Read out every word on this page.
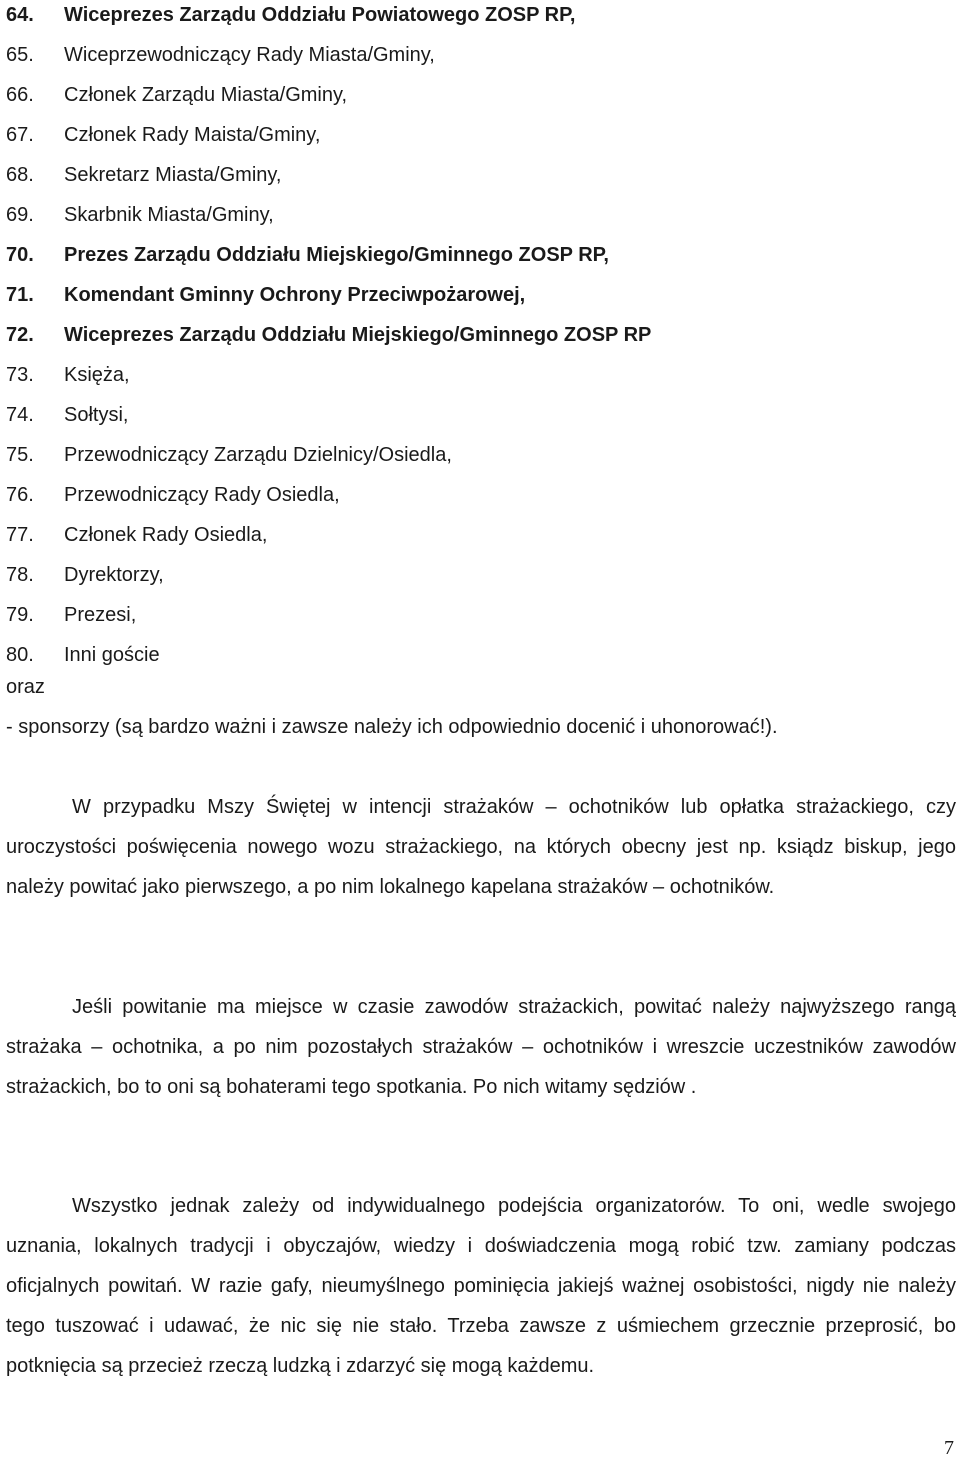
64.	Wiceprezes Zarządu Oddziału Powiatowego ZOSP RP,
65.	Wiceprzewodniczący Rady Miasta/Gminy,
66.	Członek Zarządu Miasta/Gminy,
67.	Członek Rady Maista/Gminy,
68.	Sekretarz Miasta/Gminy,
69.	Skarbnik Miasta/Gminy,
70.	Prezes Zarządu Oddziału Miejskiego/Gminnego ZOSP RP,
71.	Komendant Gminny Ochrony Przeciwpożarowej,
72.	Wiceprezes Zarządu Oddziału Miejskiego/Gminnego ZOSP RP
73.	Księża,
74.	Sołtysi,
75.	Przewodniczący Zarządu Dzielnicy/Osiedla,
76.	Przewodniczący Rady Osiedla,
77.	Członek Rady Osiedla,
78.	Dyrektorzy,
79.	Prezesi,
80.	Inni goście
oraz
- sponsorzy (są bardzo ważni i zawsze należy ich odpowiednio docenić i uhonorować!).

W przypadku Mszy Świętej w intencji strażaków – ochotników lub opłatka strażackiego, czy uroczystości poświęcenia nowego wozu strażackiego, na których obecny jest np. ksiądz biskup, jego należy powitać jako pierwszego, a po nim lokalnego kapelana strażaków – ochotników.

Jeśli powitanie ma miejsce w czasie zawodów strażackich, powitać należy najwyższego rangą strażaka – ochotnika, a po nim pozostałych strażaków – ochotników i wreszcie uczestników zawodów strażackich, bo to oni są bohaterami tego spotkania. Po nich witamy sędziów .

Wszystko jednak zależy od indywidualnego podejścia organizatorów. To oni, wedle swojego uznania, lokalnych tradycji i obyczajów, wiedzy i doświadczenia mogą robić tzw. zamiany podczas oficjalnych powitań. W razie gafy, nieumyślnego pominięcia jakiejś ważnej osobistości, nigdy nie należy tego tuszować i udawać, że nic się nie stało. Trzeba zawsze z uśmiechem grzecznie przeprosić, bo potknięcia są przecież rzeczą ludzką i zdarzyć się mogą każdemu.

7
